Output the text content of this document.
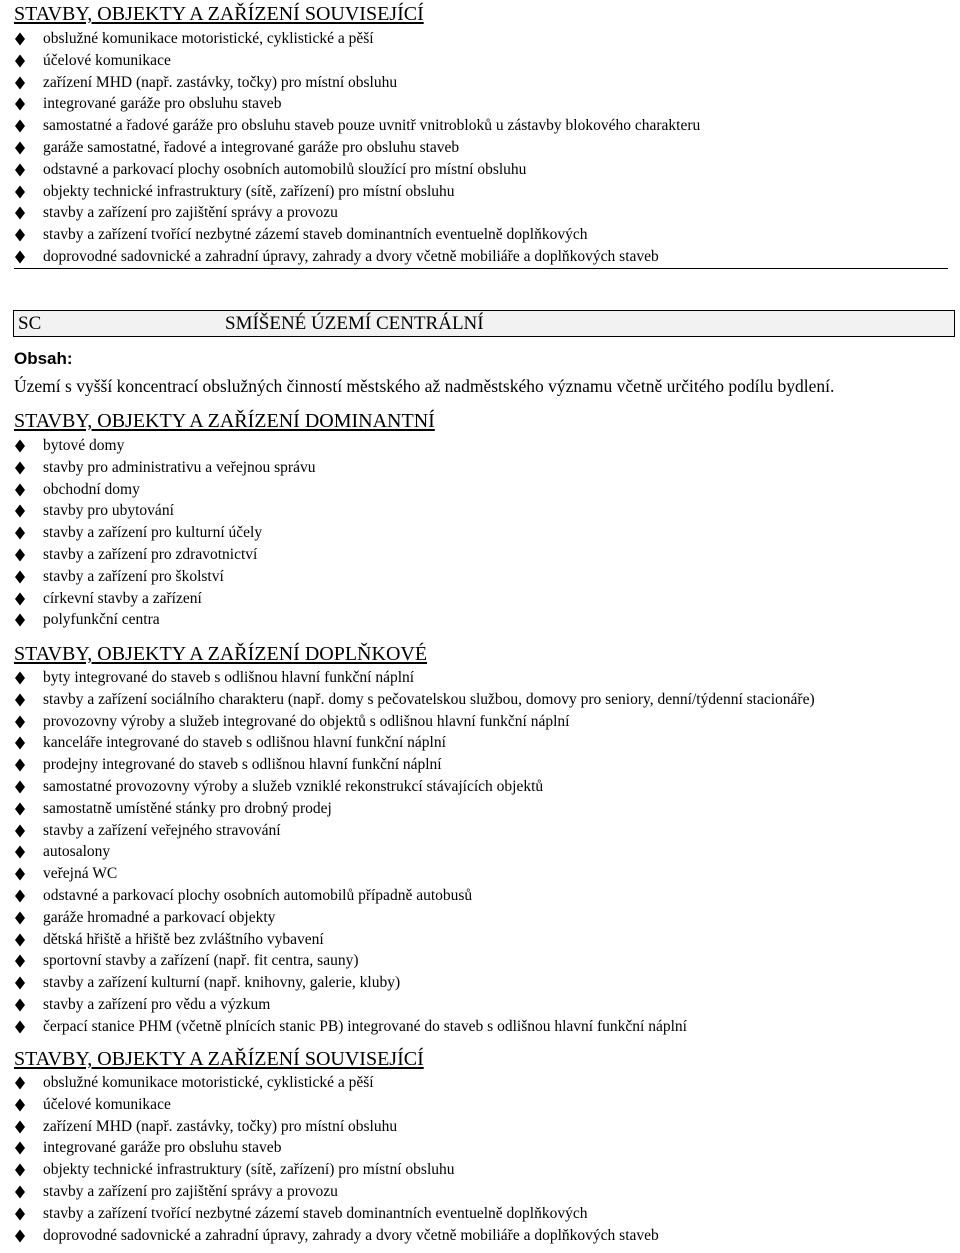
STAVBY, OBJEKTY A ZAŘÍZENÍ SOUVISEJÍCÍ
obslužné komunikace motoristické, cyklistické a pěší
účelové komunikace
zařízení MHD (např. zastávky, točky) pro místní obsluhu
integrované garáže pro obsluhu staveb
samostatné a řadové garáže pro obsluhu staveb pouze uvnitř vnitrobloků u zástavby blokového charakteru
garáže samostatné, řadové a integrované garáže pro obsluhu staveb
odstavné a parkovací plochy osobních automobilů sloužící pro místní obsluhu
objekty technické infrastruktury (sítě, zařízení) pro místní obsluhu
stavby a zařízení pro zajištění správy a provozu
stavby a zařízení tvořící nezbytné zázemí staveb dominantních eventuelně doplňkových
doprovodné sadovnické a zahradní úpravy, zahrady a dvory včetně mobiliáře a doplňkových staveb
SC	SMÍŠENÉ ÚZEMÍ CENTRÁLNÍ
Obsah:
Území s vyšší koncentrací obslužných činností městského až nadměstského významu včetně určitého podílu bydlení.
STAVBY, OBJEKTY A ZAŘÍZENÍ DOMINANTNÍ
bytové domy
stavby pro administrativu a veřejnou správu
obchodní domy
stavby pro ubytování
stavby a zařízení pro kulturní účely
stavby a zařízení pro zdravotnictví
stavby a zařízení pro školství
církevní stavby a zařízení
polyfunkční centra
STAVBY, OBJEKTY A ZAŘÍZENÍ DOPLŇKOVÉ
byty integrované do staveb s odlišnou hlavní funkční náplní
stavby a zařízení sociálního charakteru (např. domy s pečovatelskou službou, domovy pro seniory, denní/týdenní stacionáře)
provozovny výroby a služeb integrované do objektů s odlišnou hlavní funkční náplní
kanceláře integrované do staveb s odlišnou hlavní funkční náplní
prodejny integrované do staveb s odlišnou hlavní funkční náplní
samostatné provozovny výroby a služeb vzniklé rekonstrukcí stávajících objektů
samostatně umístěné stánky pro drobný prodej
stavby a zařízení veřejného stravování
autosalony
veřejná WC
odstavné a parkovací plochy osobních automobilů případně autobusů
garáže hromadné a parkovací objekty
dětská hřiště a hřiště bez zvláštního vybavení
sportovní stavby a zařízení (např. fit centra, sauny)
stavby a zařízení kulturní (např. knihovny, galerie, kluby)
stavby a zařízení pro vědu a výzkum
čerpací stanice PHM (včetně plnících stanic PB) integrované do staveb s odlišnou hlavní funkční náplní
STAVBY, OBJEKTY A ZAŘÍZENÍ SOUVISEJÍCÍ
obslužné komunikace motoristické, cyklistické a pěší
účelové komunikace
zařízení MHD (např. zastávky, točky) pro místní obsluhu
integrované garáže pro obsluhu staveb
objekty technické infrastruktury (sítě, zařízení) pro místní obsluhu
stavby a zařízení pro zajištění správy a provozu
stavby a zařízení tvořící nezbytné zázemí staveb dominantních eventuelně doplňkových
doprovodné sadovnické a zahradní úpravy, zahrady a dvory včetně mobiliáře a doplňkových staveb
